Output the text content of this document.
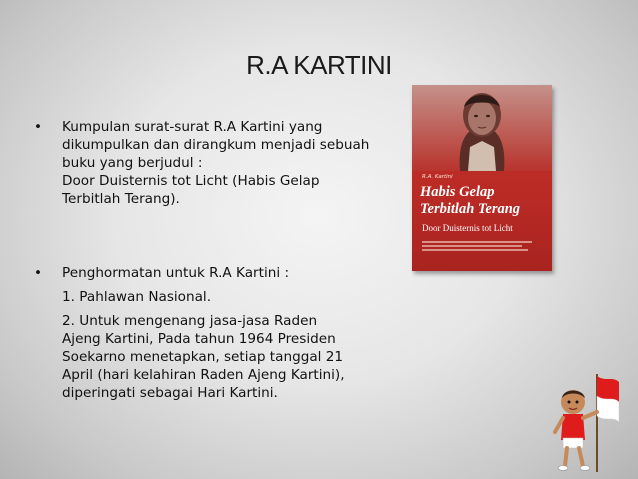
R.A KARTINI
• Kumpulan surat-surat R.A Kartini yang
dikumpulkan dan dirangkum menjadi sebuah
buku yang berjudul :
Door Duisternis tot Licht (Habis Gelap
Terbitlah Terang).
• Penghormatan untuk R.A Kartini :
1. Pahlawan Nasional.
2. Untuk mengenang jasa-jasa Raden
Ajeng Kartini, Pada tahun 1964 Presiden
Soekarno menetapkan, setiap tanggal 21
April (hari kelahiran Raden Ajeng Kartini),
diperingati sebagai Hari Kartini.
R.A. Kartini
Habis Gelap
Terbitlah Terang
Door Duisternis tot Licht
